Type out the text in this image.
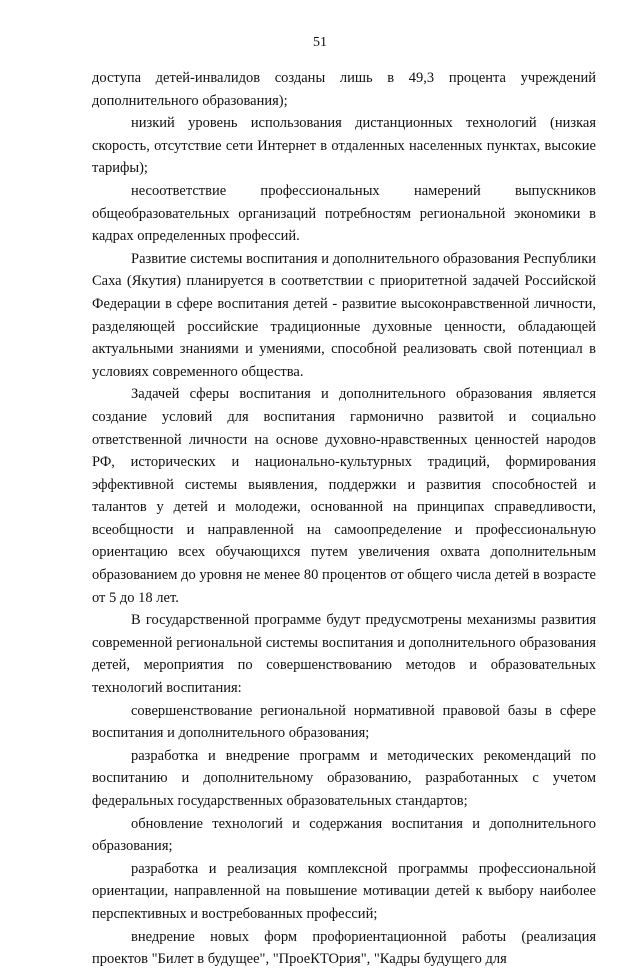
51

доступа детей-инвалидов созданы лишь в 49,3 процента учреждений дополнительного образования);

низкий уровень использования дистанционных технологий (низкая скорость, отсутствие сети Интернет в отдаленных населенных пунктах, высокие тарифы);

несоответствие профессиональных намерений выпускников общеобразовательных организаций потребностям региональной экономики в кадрах определенных профессий.

Развитие системы воспитания и дополнительного образования Республики Саха (Якутия) планируется в соответствии с приоритетной задачей Российской Федерации в сфере воспитания детей - развитие высоконравственной личности, разделяющей российские традиционные духовные ценности, обладающей актуальными знаниями и умениями, способной реализовать свой потенциал в условиях современного общества.

Задачей сферы воспитания и дополнительного образования является создание условий для воспитания гармонично развитой и социально ответственной личности на основе духовно-нравственных ценностей народов РФ, исторических и национально-культурных традиций, формирования эффективной системы выявления, поддержки и развития способностей и талантов у детей и молодежи, основанной на принципах справедливости, всеобщности и направленной на самоопределение и профессиональную ориентацию всех обучающихся путем увеличения охвата дополнительным образованием до уровня не менее 80 процентов от общего числа детей в возрасте от 5 до 18 лет.

В государственной программе будут предусмотрены механизмы развития современной региональной системы воспитания и дополнительного образования детей, мероприятия по совершенствованию методов и образовательных технологий воспитания:

совершенствование региональной нормативной правовой базы в сфере воспитания и дополнительного образования;

разработка и внедрение программ и методических рекомендаций по воспитанию и дополнительному образованию, разработанных с учетом федеральных государственных образовательных стандартов;

обновление технологий и содержания воспитания и дополнительного образования;

разработка и реализация комплексной программы профессиональной ориентации, направленной на повышение мотивации детей к выбору наиболее перспективных и востребованных профессий;

внедрение новых форм профориентационной работы (реализация проектов "Билет в будущее", "ПроеКТОрия", "Кадры будущего для
